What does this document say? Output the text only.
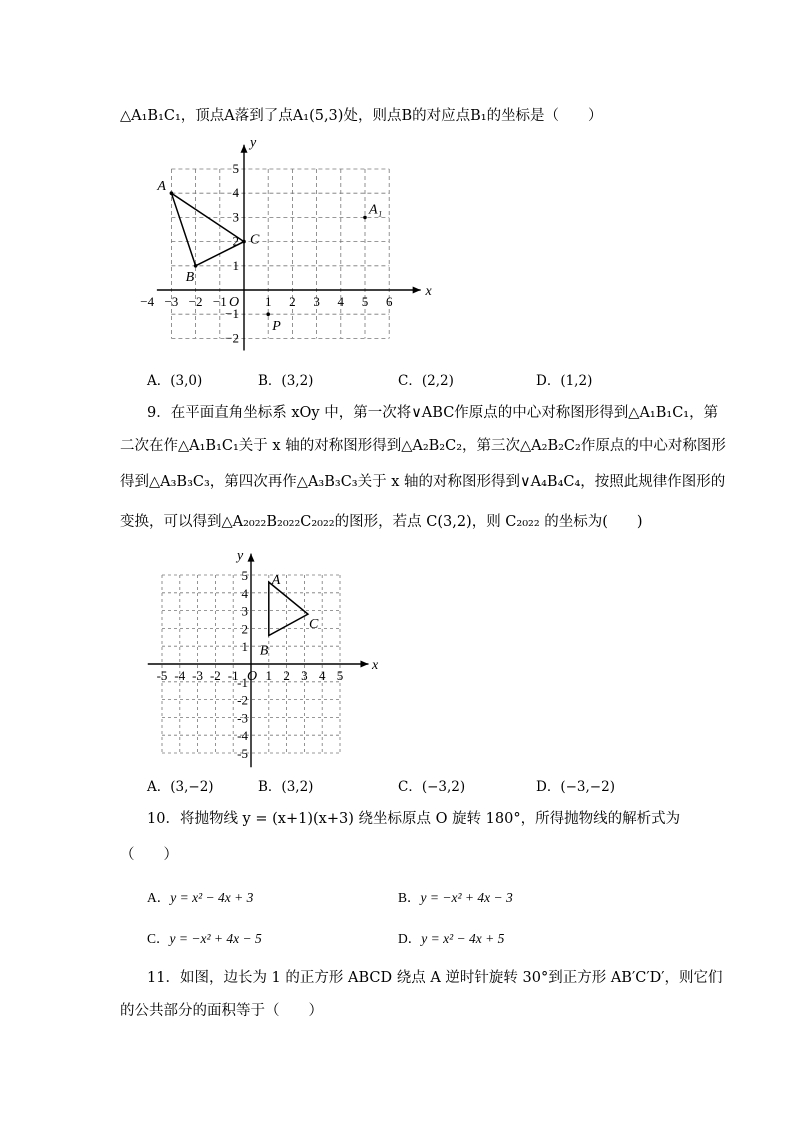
△A₁B₁C₁，顶点A落到了点A₁(5,3)处，则点B的对应点B₁的坐标是（　　）
x
y
O
−4 −3 −2 −1	1 2 3 4 5 6
5
4
3
2
1
−1
−2
A
B
C
A₁
P
A．(3,0)	B．(3,2)	C．(2,2)	D．(1,2)
9．在平面直角坐标系 xOy 中，第一次将∨ABC作原点的中心对称图形得到△A₁B₁C₁，第
二次在作△A₁B₁C₁关于 x 轴的对称图形得到△A₂B₂C₂，第三次△A₂B₂C₂作原点的中心对称图形
得到△A₃B₃C₃，第四次再作△A₃B₃C₃关于 x 轴的对称图形得到∨A₄B₄C₄，按照此规律作图形的
变换，可以得到△A₂₀₂₂B₂₀₂₂C₂₀₂₂的图形，若点 C(3,2)，则 C₂₀₂₂ 的坐标为(　　)
x
y
O
-5 -4 -3 -2 -1 1 2 3 4 5
5
4
3
2
1
-1
-2
-3
-4
-5
A
B
C
A．(3,−2)	B．(3,2)	C．(−3,2)	D．(−3,−2)
10．将抛物线 y = (x+1)(x+3) 绕坐标原点 O 旋转 180°，所得抛物线的解析式为
（　　）
A．y = x² − 4x + 3	B．y = −x² + 4x − 3
C．y = −x² + 4x − 5	D．y = x² − 4x + 5
11．如图，边长为 1 的正方形 ABCD 绕点 A 逆时针旋转 30°到正方形 AB′C′D′，则它们
的公共部分的面积等于（　　）
